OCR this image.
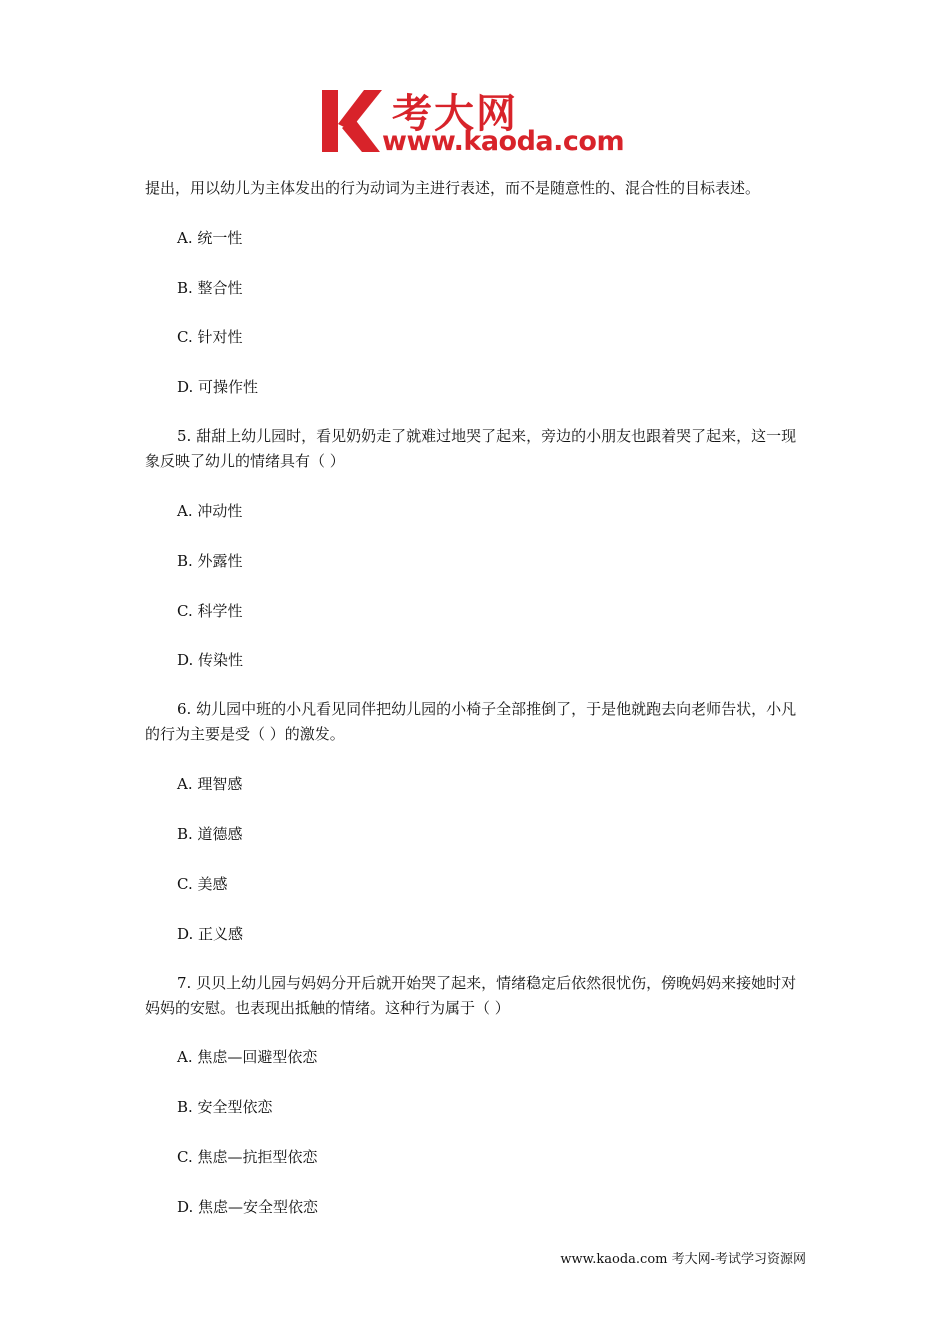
考大网
www.kaoda.com

提出，用以幼儿为主体发出的行为动词为主进行表述，而不是随意性的、混合性的目标表述。

A. 统一性

B. 整合性

C. 针对性

D. 可操作性

5. 甜甜上幼儿园时，看见奶奶走了就难过地哭了起来，旁边的小朋友也跟着哭了起来，这一现象反映了幼儿的情绪具有（ ）

A. 冲动性

B. 外露性

C. 科学性

D. 传染性

6. 幼儿园中班的小凡看见同伴把幼儿园的小椅子全部推倒了，于是他就跑去向老师告状，小凡的行为主要是受（ ）的激发。

A. 理智感

B. 道德感

C. 美感

D. 正义感

7. 贝贝上幼儿园与妈妈分开后就开始哭了起来，情绪稳定后依然很忧伤，傍晚妈妈来接她时对妈妈的安慰。也表现出抵触的情绪。这种行为属于（ ）

A. 焦虑—回避型依恋

B. 安全型依恋

C. 焦虑—抗拒型依恋

D. 焦虑—安全型依恋

www.kaoda.com 考大网-考试学习资源网
